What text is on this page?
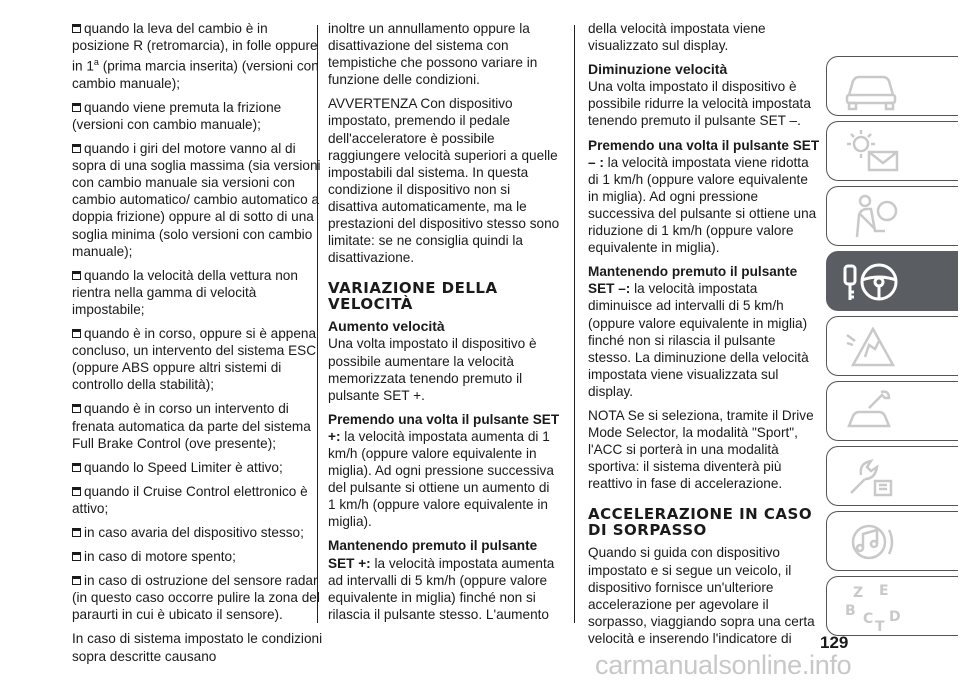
quando la leva del cambio è in posizione R (retromarcia), in folle oppure in 1$^a$ (prima marcia inserita) (versioni con cambio manuale);

quando viene premuta la frizione (versioni con cambio manuale);

quando i giri del motore vanno al di sopra di una soglia massima (sia versioni con cambio manuale sia versioni con cambio automatico/ cambio automatico a doppia frizione) oppure al di sotto di una soglia minima (solo versioni con cambio manuale);

quando la velocità della vettura non rientra nella gamma di velocità impostabile;

quando è in corso, oppure si è appena concluso, un intervento del sistema ESC (oppure ABS oppure altri sistemi di controllo della stabilità);

quando è in corso un intervento di frenata automatica da parte del sistema Full Brake Control (ove presente);

quando lo Speed Limiter è attivo;

quando il Cruise Control elettronico è attivo;

in caso avaria del dispositivo stesso;

in caso di motore spento;

in caso di ostruzione del sensore radar (in questo caso occorre pulire la zona del paraurti in cui è ubicato il sensore).

In caso di sistema impostato le condizioni sopra descritte causano

inoltre un annullamento oppure la disattivazione del sistema con tempistiche che possono variare in funzione delle condizioni.

AVVERTENZA Con dispositivo impostato, premendo il pedale dell'acceleratore è possibile raggiungere velocità superiori a quelle impostabili dal sistema. In questa condizione il dispositivo non si disattiva automaticamente, ma le prestazioni del dispositivo stesso sono limitate: se ne consiglia quindi la disattivazione.

VARIAZIONE DELLA VELOCITÀ
Aumento velocità

Una volta impostato il dispositivo è possibile aumentare la velocità memorizzata tenendo premuto il pulsante SET +.

Premendo una volta il pulsante SET +: la velocità impostata aumenta di 1 km/h (oppure valore equivalente in miglia). Ad ogni pressione successiva del pulsante si ottiene un aumento di 1 km/h (oppure valore equivalente in miglia).

Mantenendo premuto il pulsante SET +: la velocità impostata aumenta ad intervalli di 5 km/h (oppure valore equivalente in miglia) finché non si rilascia il pulsante stesso. L'aumento

della velocità impostata viene visualizzato sul display.

Diminuzione velocità

Una volta impostato il dispositivo è possibile ridurre la velocità impostata tenendo premuto il pulsante SET –.

Premendo una volta il pulsante SET – : la velocità impostata viene ridotta di 1 km/h (oppure valore equivalente in miglia). Ad ogni pressione successiva del pulsante si ottiene una riduzione di 1 km/h (oppure valore equivalente in miglia).

Mantenendo premuto il pulsante SET –: la velocità impostata diminuisce ad intervalli di 5 km/h (oppure valore equivalente in miglia) finché non si rilascia il pulsante stesso. La diminuzione della velocità impostata viene visualizzata sul display.

NOTA Se si seleziona, tramite il Drive Mode Selector, la modalità "Sport", l'ACC si porterà in una modalità sportiva: il sistema diventerà più reattivo in fase di accelerazione.

ACCELERAZIONE IN CASO DI SORPASSO

Quando si guida con dispositivo impostato e si segue un veicolo, il dispositivo fornisce un'ulteriore accelerazione per agevolare il sorpasso, viaggiando sopra una certa velocità e inserendo l'indicatore di

Z E
B C T
D
129
carmanualsonline.info
